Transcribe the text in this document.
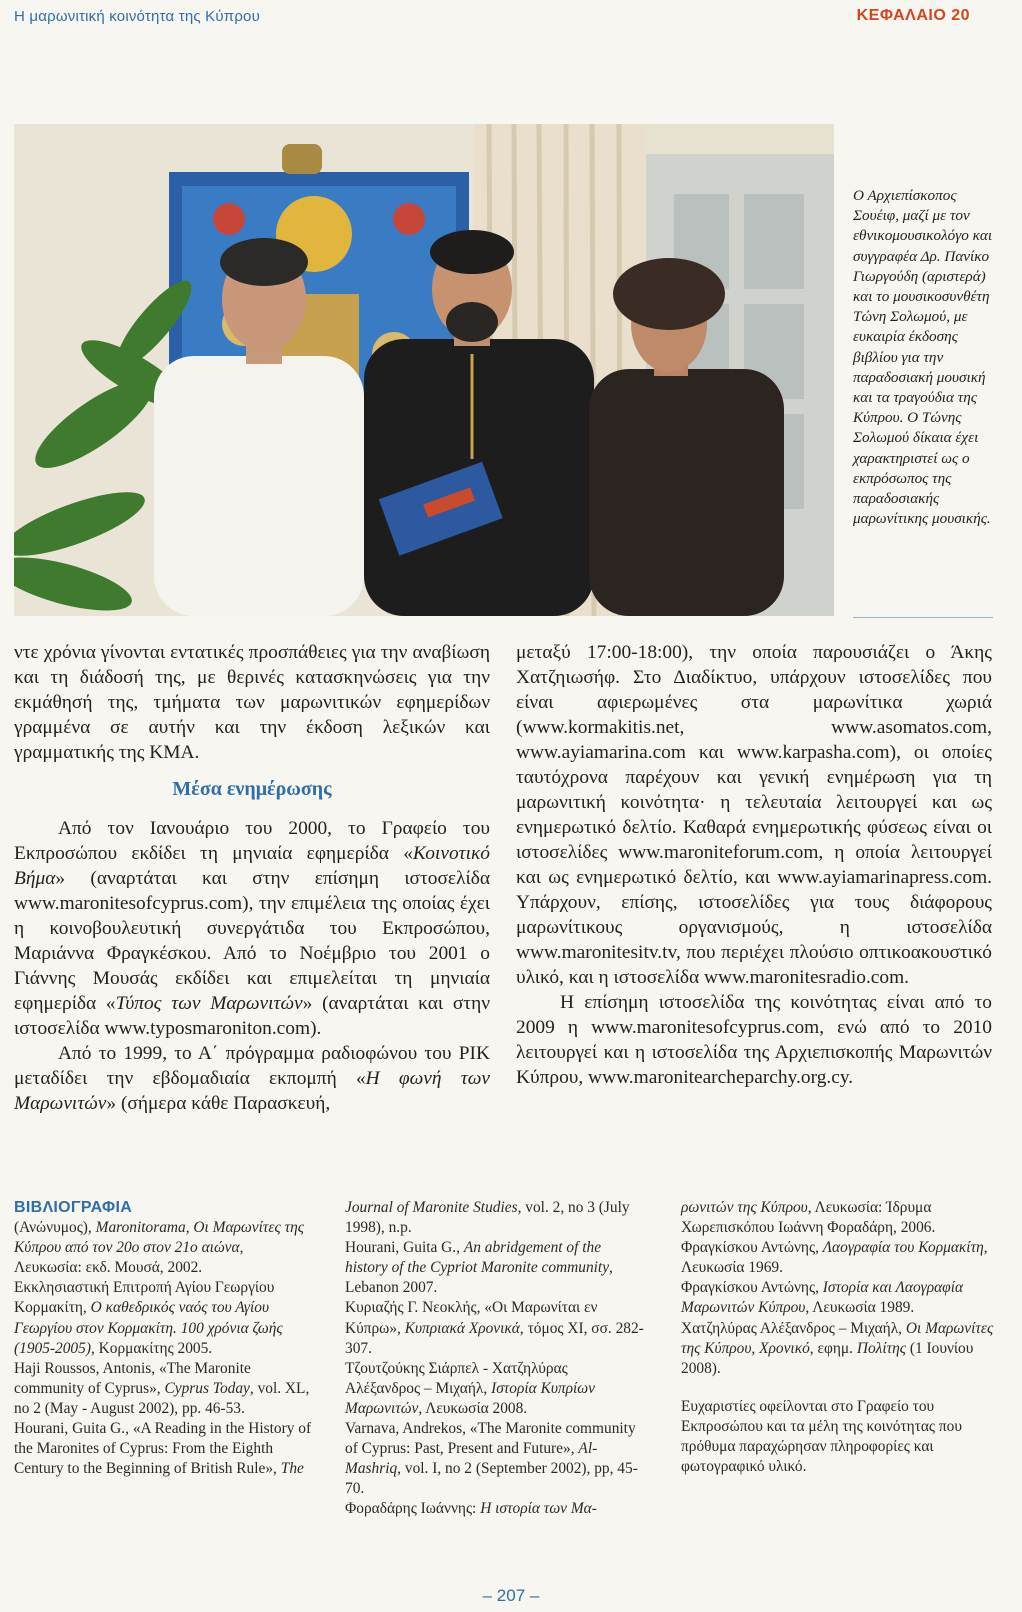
Η μαρωνιτική κοινότητα της Κύπρου	ΚΕΦΑΛΑΙΟ 20
Ο Αρχιεπίσκοπος Σουέιφ, μαζί με τον εθνικομουσικολόγο και συγγραφέα Δρ. Πανίκο Γιωργούδη (αριστερά) και το μουσικοσυνθέτη Τώνη Σολωμού, με ευκαιρία έκδοσης βιβλίου για την παραδοσιακή μουσική και τα τραγούδια της Κύπρου. Ο Τώνης Σολωμού δίκαια έχει χαρακτηριστεί ως ο εκπρόσωπος της παραδοσιακής μαρωνίτικης μουσικής.

ντε χρόνια γίνονται εντατικές προσπάθειες για την αναβίωση και τη διάδοσή της, με θερινές κατασκηνώσεις για την εκμάθησή της, τμήματα των μαρωνιτικών εφημερίδων γραμμένα σε αυτήν και την έκδοση λεξικών και γραμματικής της ΚΜΑ.

Μέσα ενημέρωσης

Από τον Ιανουάριο του 2000, το Γραφείο του Εκπροσώπου εκδίδει τη μηνιαία εφημερίδα «Κοινοτικό Βήμα» (αναρτάται και στην επίσημη ιστοσελίδα www.maronitesofcyprus.com), την επιμέλεια της οποίας έχει η κοινοβουλευτική συνεργάτιδα του Εκπροσώπου, Μαριάννα Φραγκέσκου. Από το Νοέμβριο του 2001 ο Γιάννης Μουσάς εκδίδει και επιμελείται τη μηνιαία εφημερίδα «Τύπος των Μαρωνιτών» (αναρτάται και στην ιστοσελίδα www.typosmaroniton.com).

Από το 1999, το Α΄ πρόγραμμα ραδιοφώνου του ΡΙΚ μεταδίδει την εβδομαδιαία εκπομπή «Η φωνή των Μαρωνιτών» (σήμερα κάθε Παρασκευή,

μεταξύ 17:00-18:00), την οποία παρουσιάζει ο Άκης Χατζηιωσήφ. Στο Διαδίκτυο, υπάρχουν ιστοσελίδες που είναι αφιερωμένες στα μαρωνίτικα χωριά (www.kormakitis.net, www.asomatos.com, www.ayiamarina.com και www.karpasha.com), οι οποίες ταυτόχρονα παρέχουν και γενική ενημέρωση για τη μαρωνιτική κοινότητα· η τελευταία λειτουργεί και ως ενημερωτικό δελτίο. Καθαρά ενημερωτικής φύσεως είναι οι ιστοσελίδες www.maroniteforum.com, η οποία λειτουργεί και ως ενημερωτικό δελτίο, και www.ayiamarinapress.com. Υπάρχουν, επίσης, ιστοσελίδες για τους διάφορους μαρωνίτικους οργανισμούς, η ιστοσελίδα www.maronitesitv.tv, που περιέχει πλούσιο οπτικοακουστικό υλικό, και η ιστοσελίδα www.maronitesradio.com.

Η επίσημη ιστοσελίδα της κοινότητας είναι από το 2009 η www.maronitesofcyprus.com, ενώ από το 2010 λειτουργεί και η ιστοσελίδα της Αρχιεπισκοπής Μαρωνιτών Κύπρου, www.maronitearcheparchy.org.cy.

ΒΙΒΛΙΟΓΡΑΦΙΑ

(Ανώνυμος), Maronitorama, Οι Μαρωνίτες της Κύπρου από τον 20ο στον 21ο αιώνα, Λευκωσία: εκδ. Μουσά, 2002.

Εκκλησιαστική Επιτροπή Αγίου Γεωργίου Κορμακίτη, Ο καθεδρικός ναός του Αγίου Γεωργίου στον Κορμακίτη. 100 χρόνια ζωής (1905-2005), Κορμακίτης 2005.

Haji Roussos, Antonis, «The Maronite community of Cyprus», Cyprus Today, vol. XL, no 2 (May - August 2002), pp. 46-53.

Hourani, Guita G., «A Reading in the History of the Maronites of Cyprus: From the Eighth Century to the Beginning of British Rule», The

Journal of Maronite Studies, vol. 2, no 3 (July 1998), n.p.

Hourani, Guita G., An abridgement of the history of the Cypriot Maronite community, Lebanon 2007.

Κυριαζής Γ. Νεοκλής, «Οι Μαρωνίται εν Κύπρω», Κυπριακά Χρονικά, τόμος XI, σσ. 282-307.

Τζουτζούκης Σιάρπελ - Χατζηλύρας Αλέξανδρος – Μιχαήλ, Ιστορία Κυπρίων Μαρωνιτών, Λευκωσία 2008.

Varnava, Andrekos, «The Maronite community of Cyprus: Past, Present and Future», Al-Mashriq, vol. I, no 2 (September 2002), pp, 45-70.

Φοραδάρης Ιωάννης: Η ιστορία των Μα-

ρωνιτών της Κύπρου, Λευκωσία: Ίδρυμα Χωρεπισκόπου Ιωάννη Φοραδάρη, 2006.

Φραγκίσκου Αντώνης, Λαογραφία του Κορμακίτη, Λευκωσία 1969.

Φραγκίσκου Αντώνης, Ιστορία και Λαογραφία Μαρωνιτών Κύπρου, Λευκωσία 1989.

Χατζηλύρας Αλέξανδρος – Μιχαήλ, Οι Μαρωνίτες της Κύπρου, Χρονικό, εφημ. Πολίτης (1 Ιουνίου 2008).

Ευχαριστίες οφείλονται στο Γραφείο του Εκπροσώπου και τα μέλη της κοινότητας που πρόθυμα παραχώρησαν πληροφορίες και φωτογραφικό υλικό.

– 207 –
